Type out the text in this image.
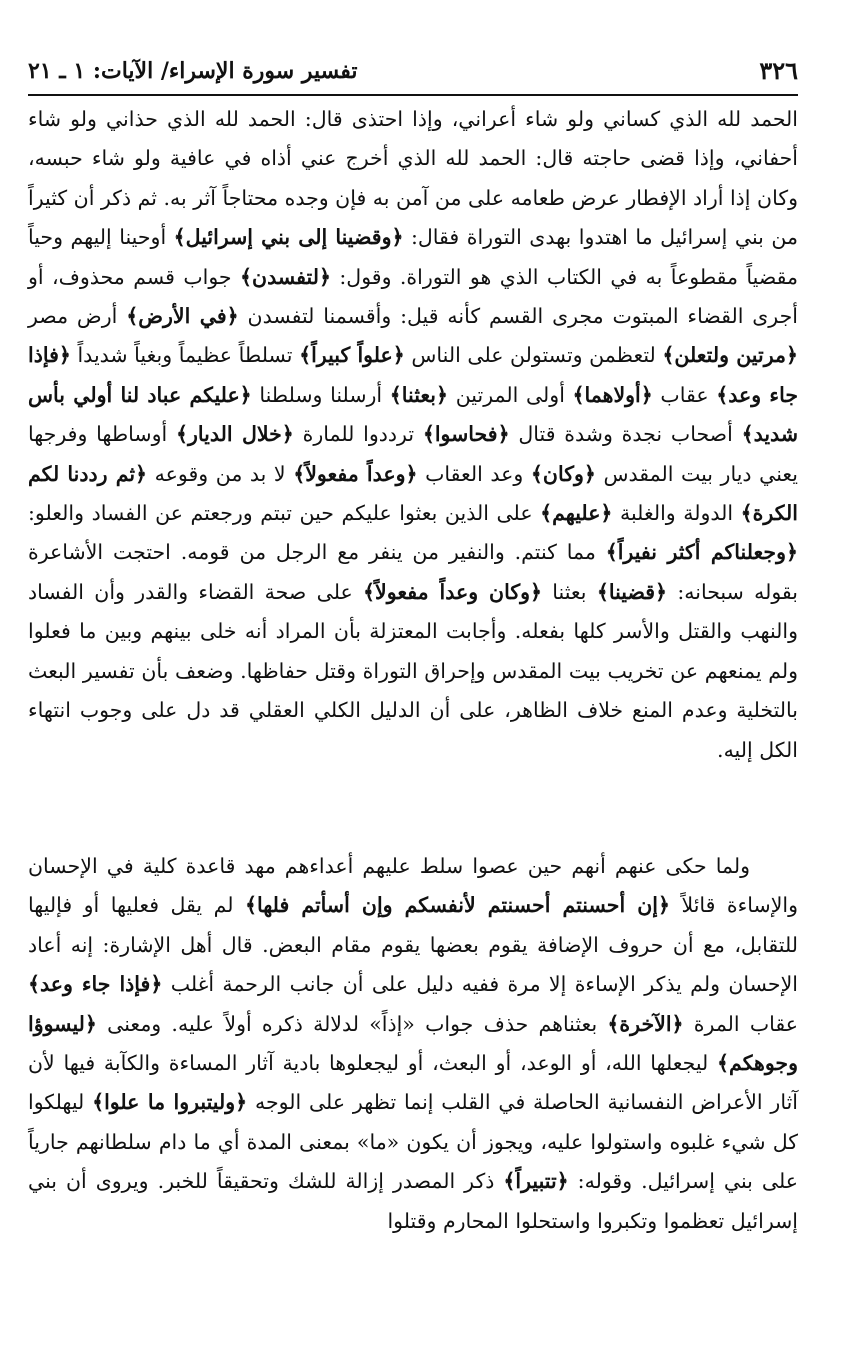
٣٢٦
تفسير سورة الإسراء/ الآيات: ١ ـ ٢١

الحمد لله الذي كساني ولو شاء أعراني، وإذا احتذى قال: الحمد لله الذي حذاني ولو شاء أحفاني، وإذا قضى حاجته قال: الحمد لله الذي أخرج عني أذاه في عافية ولو شاء حبسه، وكان إذا أراد الإفطار عرض طعامه على من آمن به فإن وجده محتاجاً آثر به. ثم ذكر أن كثيراً من بني إسرائيل ما اهتدوا بهدى التوراة فقال: ﴿وقضينا إلى بني إسرائيل﴾ أوحينا إليهم وحياً مقضياً مقطوعاً به في الكتاب الذي هو التوراة. وقول: ﴿لتفسدن﴾ جواب قسم محذوف، أو أجرى القضاء المبتوت مجرى القسم كأنه قيل: وأقسمنا لتفسدن ﴿في الأرض﴾ أرض مصر ﴿مرتين ولتعلن﴾ لتعظمن وتستولن على الناس ﴿علواً كبيراً﴾ تسلطاً عظيماً وبغياً شديداً ﴿فإذا جاء وعد﴾ عقاب ﴿أولاهما﴾ أولى المرتين ﴿بعثنا﴾ أرسلنا وسلطنا ﴿عليكم عباد لنا أولي بأس شديد﴾ أصحاب نجدة وشدة قتال ﴿فحاسوا﴾ ترددوا للمارة ﴿خلال الديار﴾ أوساطها وفرجها يعني ديار بيت المقدس ﴿وكان﴾ وعد العقاب ﴿وعداً مفعولاً﴾ لا بد من وقوعه ﴿ثم رددنا لكم الكرة﴾ الدولة والغلبة ﴿عليهم﴾ على الذين بعثوا عليكم حين تبتم ورجعتم عن الفساد والعلو: ﴿وجعلناكم أكثر نفيراً﴾ مما كنتم. والنفير من ينفر مع الرجل من قومه. احتجت الأشاعرة بقوله سبحانه: ﴿قضينا﴾ بعثنا ﴿وكان وعداً مفعولاً﴾ على صحة القضاء والقدر وأن الفساد والنهب والقتل والأسر كلها بفعله. وأجابت المعتزلة بأن المراد أنه خلى بينهم وبين ما فعلوا ولم يمنعهم عن تخريب بيت المقدس وإحراق التوراة وقتل حفاظها. وضعف بأن تفسير البعث بالتخلية وعدم المنع خلاف الظاهر، على أن الدليل الكلي العقلي قد دل على وجوب انتهاء الكل إليه.

ولما حكى عنهم أنهم حين عصوا سلط عليهم أعداءهم مهد قاعدة كلية في الإحسان والإساءة قائلاً ﴿إن أحسنتم أحسنتم لأنفسكم وإن أسأتم فلها﴾ لم يقل فعليها أو فإليها للتقابل، مع أن حروف الإضافة يقوم بعضها يقوم مقام البعض. قال أهل الإشارة: إنه أعاد الإحسان ولم يذكر الإساءة إلا مرة ففيه دليل على أن جانب الرحمة أغلب ﴿فإذا جاء وعد﴾ عقاب المرة ﴿الآخرة﴾ بعثناهم حذف جواب «إذاً» لدلالة ذكره أولاً عليه. ومعنى ﴿ليسوؤا وجوهكم﴾ ليجعلها الله، أو الوعد، أو البعث، أو ليجعلوها بادية آثار المساءة والكآبة فيها لأن آثار الأعراض النفسانية الحاصلة في القلب إنما تظهر على الوجه ﴿وليتبروا ما علوا﴾ ليهلكوا كل شيء غلبوه واستولوا عليه، ويجوز أن يكون «ما» بمعنى المدة أي ما دام سلطانهم جارياً على بني إسرائيل. وقوله: ﴿تتبيراً﴾ ذكر المصدر إزالة للشك وتحقيقاً للخبر. ويروى أن بني إسرائيل تعظموا وتكبروا واستحلوا المحارم وقتلوا
